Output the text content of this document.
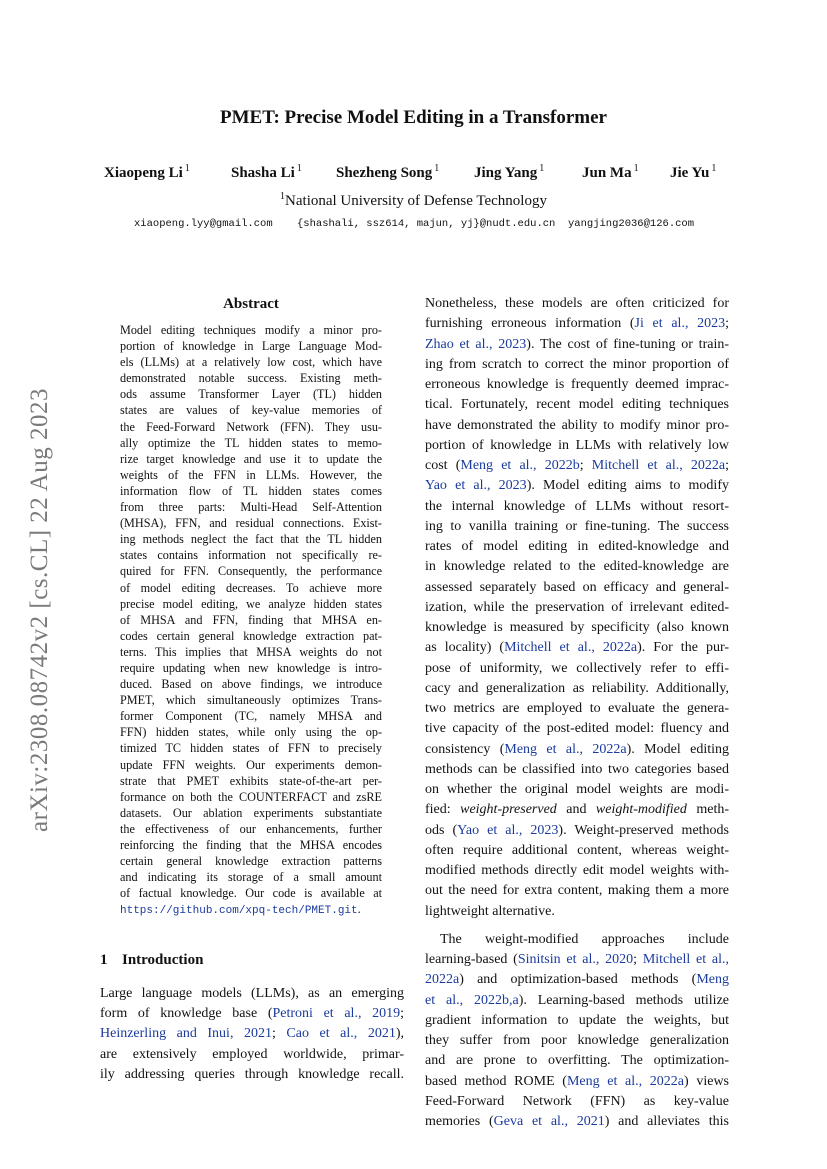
arXiv:2308.08742v2 [cs.CL] 22 Aug 2023
PMET: Precise Model Editing in a Transformer
Xiaopeng Li $^1$	Shasha Li $^1$ Shezheng Song $^1$ Jing Yang $^1$	Jun Ma $^1$ Jie Yu $^1$
$^1$National University of Defense Technology
xiaopeng.lyy@gmail.com {shashali, ssz614, majun, yj}@nudt.edu.cn yangjing2036@126.com
Abstract
Model editing techniques modify a minor pro-
portion of knowledge in Large Language Mod-
els (LLMs) at a relatively low cost, which have
demonstrated notable success. Existing meth-
ods assume Transformer Layer (TL) hidden
states are values of key-value memories of
the Feed-Forward Network (FFN). They usu-
ally optimize the TL hidden states to memo-
rize target knowledge and use it to update the
weights of the FFN in LLMs. However, the
information flow of TL hidden states comes
from three parts: Multi-Head Self-Attention
(MHSA), FFN, and residual connections. Exist-
ing methods neglect the fact that the TL hidden
states contains information not specifically re-
quired for FFN. Consequently, the performance
of model editing decreases. To achieve more
precise model editing, we analyze hidden states
of MHSA and FFN, finding that MHSA en-
codes certain general knowledge extraction pat-
terns. This implies that MHSA weights do not
require updating when new knowledge is intro-
duced. Based on above findings, we introduce
PMET, which simultaneously optimizes Trans-
former Component (TC, namely MHSA and
FFN) hidden states, while only using the op-
timized TC hidden states of FFN to precisely
update FFN weights. Our experiments demon-
strate that PMET exhibits state-of-the-art per-
formance on both the COUNTERFACT and zsRE
datasets. Our ablation experiments substantiate
the effectiveness of our enhancements, further
reinforcing the finding that the MHSA encodes
certain general knowledge extraction patterns
and indicating its storage of a small amount
of factual knowledge. Our code is available at
https://github.com/xpq-tech/PMET.git.
1 Introduction
Large language models (LLMs), as an emerging
form of knowledge base (Petroni et al., 2019;
Heinzerling and Inui, 2021; Cao et al., 2021),
are extensively employed worldwide, primar-
ily addressing queries through knowledge recall.
Nonetheless, these models are often criticized for
furnishing erroneous information (Ji et al., 2023;
Zhao et al., 2023). The cost of fine-tuning or train-
ing from scratch to correct the minor proportion of
erroneous knowledge is frequently deemed imprac-
tical. Fortunately, recent model editing techniques
have demonstrated the ability to modify minor pro-
portion of knowledge in LLMs with relatively low
cost (Meng et al., 2022b; Mitchell et al., 2022a;
Yao et al., 2023). Model editing aims to modify
the internal knowledge of LLMs without resort-
ing to vanilla training or fine-tuning. The success
rates of model editing in edited-knowledge and
in knowledge related to the edited-knowledge are
assessed separately based on efficacy and general-
ization, while the preservation of irrelevant edited-
knowledge is measured by specificity (also known
as locality) (Mitchell et al., 2022a). For the pur-
pose of uniformity, we collectively refer to effi-
cacy and generalization as reliability. Additionally,
two metrics are employed to evaluate the genera-
tive capacity of the post-edited model: fluency and
consistency (Meng et al., 2022a). Model editing
methods can be classified into two categories based
on whether the original model weights are modi-
fied: weight-preserved and weight-modified meth-
ods (Yao et al., 2023). Weight-preserved methods
often require additional content, whereas weight-
modified methods directly edit model weights with-
out the need for extra content, making them a more
lightweight alternative.
The weight-modified approaches include
learning-based (Sinitsin et al., 2020; Mitchell et al.,
2022a) and optimization-based methods (Meng
et al., 2022b,a). Learning-based methods utilize
gradient information to update the weights, but
they suffer from poor knowledge generalization
and are prone to overfitting. The optimization-
based method ROME (Meng et al., 2022a) views
Feed-Forward Network (FFN) as key-value
memories (Geva et al., 2021) and alleviates this
